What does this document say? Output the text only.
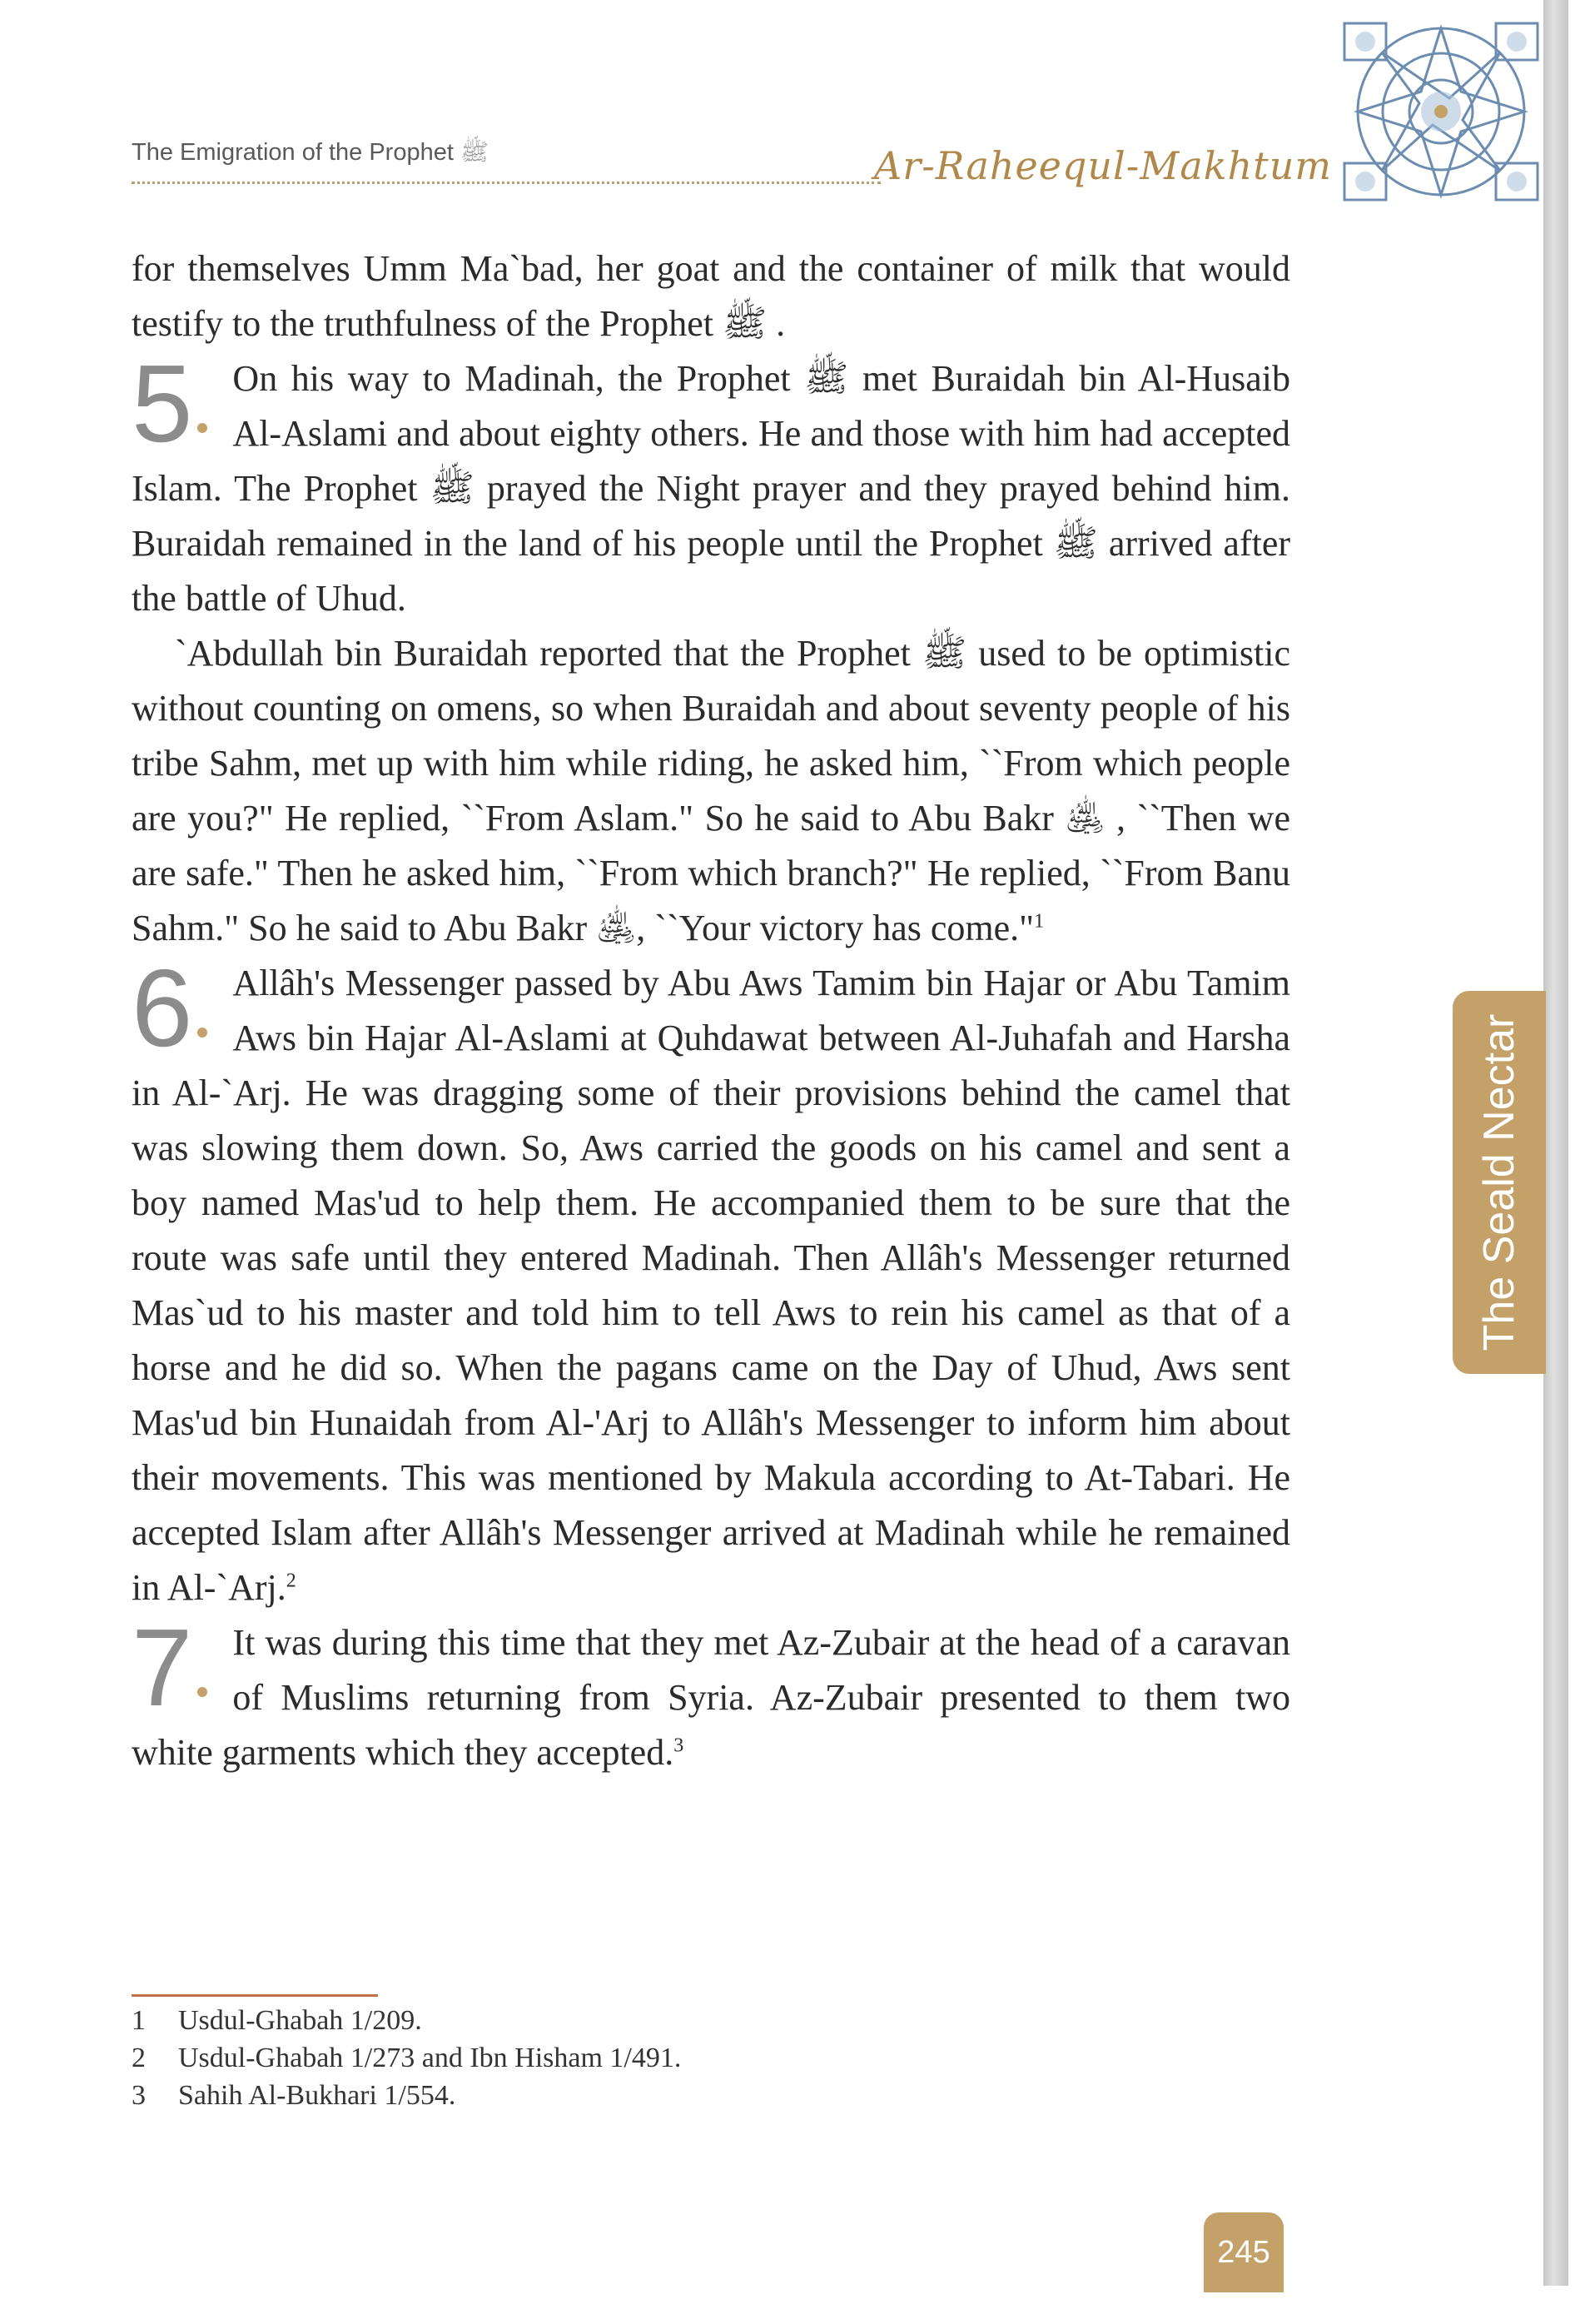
The Emigration of the Prophet ﷺ	Ar-Raheequl-Makhtum
The Seald Nectar

for themselves Umm Ma`bad, her goat and the container of milk that would testify to the truthfulness of the Prophet ﷺ .

5 On his way to Madinah, the Prophet ﷺ met Buraidah bin Al-Husaib Al-Aslami and about eighty others. He and those with him had accepted Islam. The Prophet ﷺ prayed the Night prayer and they prayed behind him. Buraidah remained in the land of his people until the Prophet ﷺ arrived after the battle of Uhud.

`Abdullah bin Buraidah reported that the Prophet ﷺ used to be optimistic without counting on omens, so when Buraidah and about seventy people of his tribe Sahm, met up with him while riding, he asked him, ``From which people are you?" He replied, ``From Aslam." So he said to Abu Bakr ﵁ , ``Then we are safe." Then he asked him, ``From which branch?" He replied, ``From Banu Sahm." So he said to Abu Bakr ﵁, ``Your victory has come."$^1$

6 Allâh's Messenger passed by Abu Aws Tamim bin Hajar or Abu Tamim Aws bin Hajar Al-Aslami at Quhdawat between Al-Juhafah and Harsha in Al-`Arj. He was dragging some of their provisions behind the camel that was slowing them down. So, Aws carried the goods on his camel and sent a boy named Mas'ud to help them. He accompanied them to be sure that the route was safe until they entered Madinah. Then Allâh's Messenger returned Mas`ud to his master and told him to tell Aws to rein his camel as that of a horse and he did so. When the pagans came on the Day of Uhud, Aws sent Mas'ud bin Hunaidah from Al-'Arj to Allâh's Messenger to inform him about their movements. This was mentioned by Makula according to At-Tabari. He accepted Islam after Allâh's Messenger arrived at Madinah while he remained in Al-`Arj.$^2$

7 It was during this time that they met Az-Zubair at the head of a caravan of Muslims returning from Syria. Az-Zubair presented to them two white garments which they accepted.$^3$

1 Usdul-Ghabah 1/209.
2 Usdul-Ghabah 1/273 and Ibn Hisham 1/491.
3 Sahih Al-Bukhari 1/554.
245
